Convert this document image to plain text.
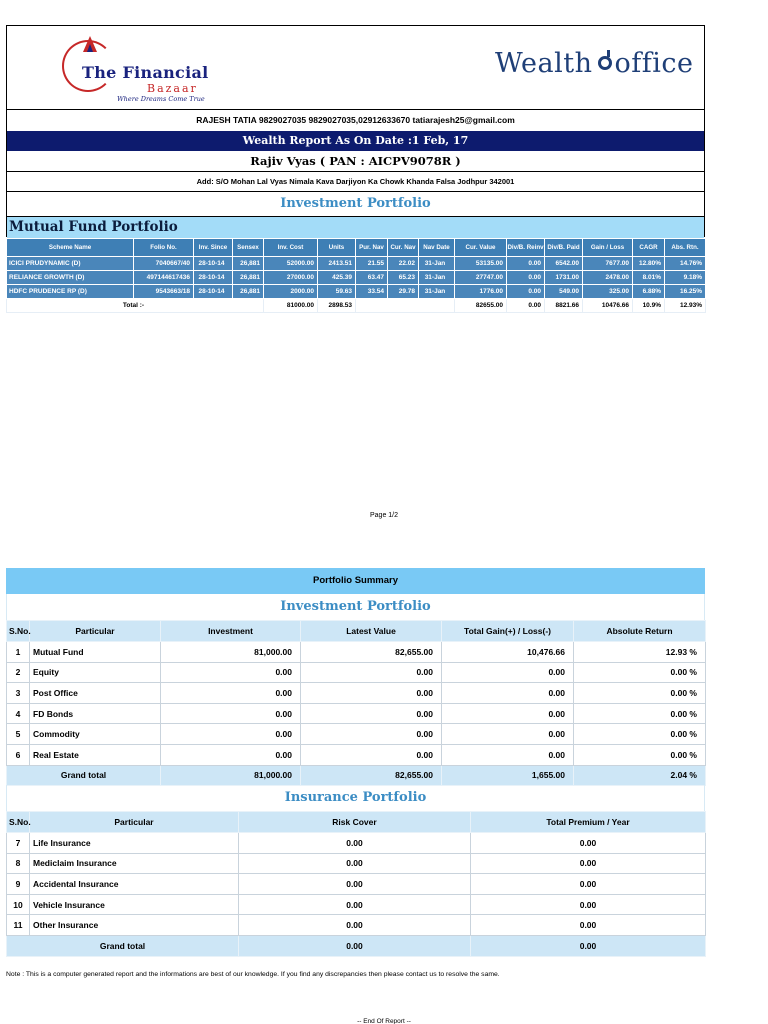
The Financial
Bazaar
Where Dreams Come True
Wealth office
RAJESH TATIA 9829027035 9829027035,02912633670 tatiarajesh25@gmail.com
Wealth Report As On Date :1 Feb, 17
Rajiv Vyas ( PAN : AICPV9078R )
Add: S/O Mohan Lal Vyas Nimala Kava Darjiyon Ka Chowk Khanda Falsa Jodhpur 342001
Investment Portfolio
Mutual Fund Portfolio
Scheme Name	Folio No.	Inv. Since	Sensex	Inv. Cost	Units	Pur. Nav	Cur. Nav	Nav Date	Cur. Value	Div/B. Reinv	Div/B. Paid	Gain / Loss	CAGR	Abs. Rtn.
ICICI PRUDYNAMIC (D)	7040667/40	28-10-14	26,881	52000.00	2413.51	21.55	22.02	31-Jan	53135.00	0.00	6542.00	7677.00	12.80%	14.76%
RELIANCE GROWTH (D)	497144617436	28-10-14	26,881	27000.00	425.39	63.47	65.23	31-Jan	27747.00	0.00	1731.00	2478.00	8.01%	9.18%
HDFC PRUDENCE RP (D)	9543663/18	28-10-14	26,881	2000.00	59.63	33.54	29.78	31-Jan	1776.00	0.00	549.00	325.00	6.88%	16.25%
Total :-				81000.00	2898.53				82655.00	0.00	8821.66	10476.66	10.9%	12.93%
Page 1/2
Portfolio Summary
Investment Portfolio
S.No.	Particular	Investment	Latest Value	Total Gain(+) / Loss(-)	Absolute Return
1	Mutual Fund	81,000.00	82,655.00	10,476.66	12.93 %
2	Equity	0.00	0.00	0.00	0.00 %
3	Post Office	0.00	0.00	0.00	0.00 %
4	FD Bonds	0.00	0.00	0.00	0.00 %
5	Commodity	0.00	0.00	0.00	0.00 %
6	Real Estate	0.00	0.00	0.00	0.00 %
Grand total		81,000.00	82,655.00	1,655.00	2.04 %
Insurance Portfolio
S.No.	Particular	Risk Cover	Total Premium / Year
7	Life Insurance	0.00	0.00
8	Mediclaim Insurance	0.00	0.00
9	Accidental Insurance	0.00	0.00
10	Vehicle Insurance	0.00	0.00
11	Other Insurance	0.00	0.00
Grand total		0.00	0.00
Note : This is a computer generated report and the informations are best of our knowledge. If you find any discrepancies then please contact us to resolve the same.
-- End Of Report --
